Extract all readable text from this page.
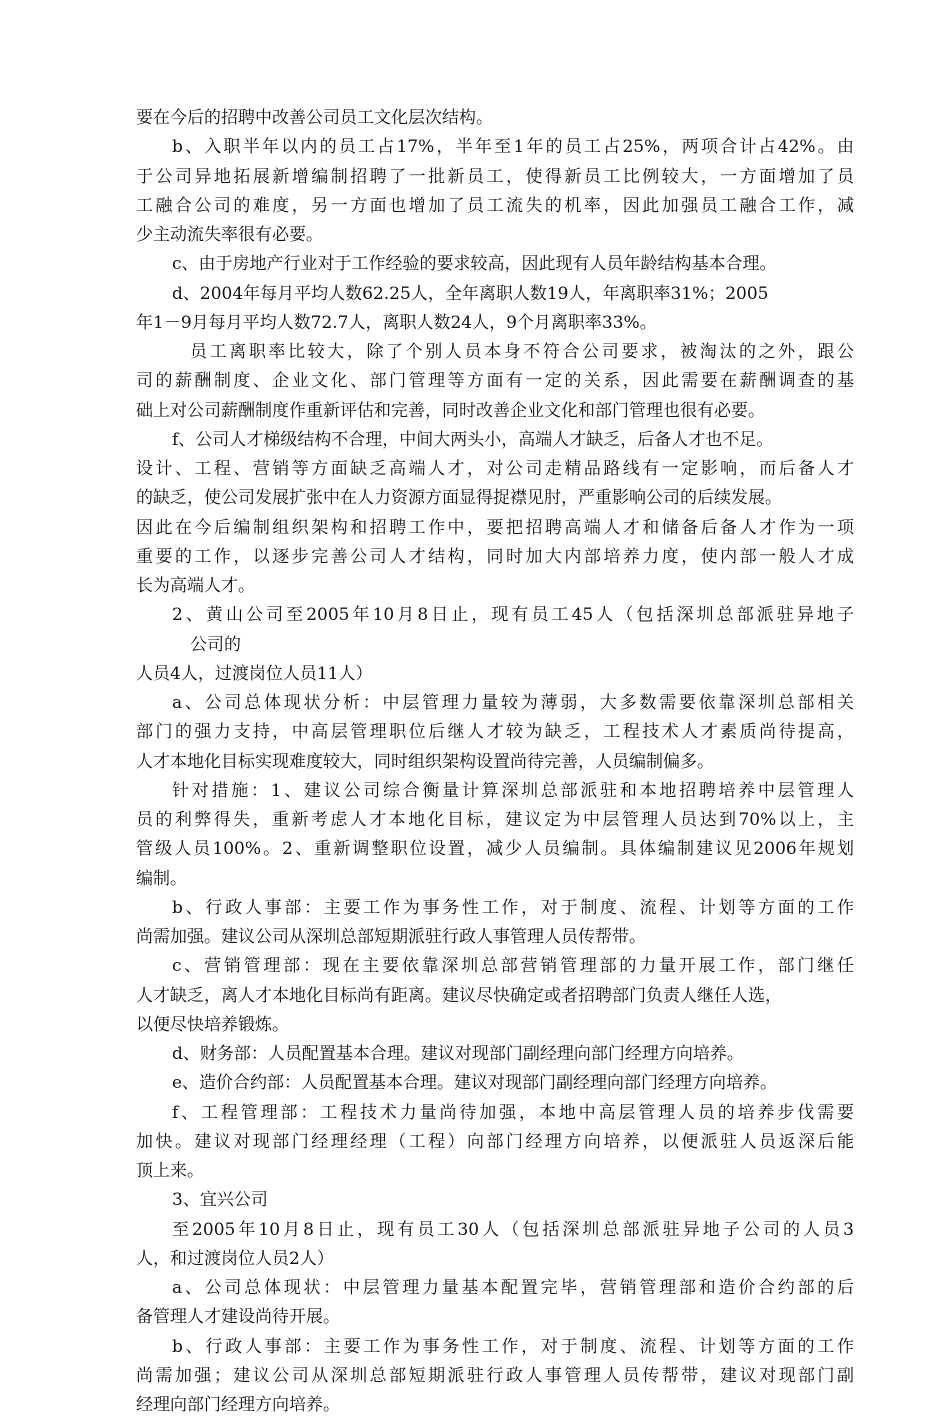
要在今后的招聘中改善公司员工文化层次结构。
b、入职半年以内的员工占17%，半年至1年的员工占25%，两项合计占42%。由
于公司异地拓展新增编制招聘了一批新员工，使得新员工比例较大，一方面增加了员
工融合公司的难度，另一方面也增加了员工流失的机率，因此加强员工融合工作，减
少主动流失率很有必要。
c、由于房地产行业对于工作经验的要求较高，因此现有人员年龄结构基本合理。
d、2004年每月平均人数62.25人，全年离职人数19人，年离职率31%；2005
年1－9月每月平均人数72.7人，离职人数24人，9个月离职率33%。
员工离职率比较大，除了个别人员本身不符合公司要求，被淘汰的之外，跟公
司的薪酬制度、企业文化、部门管理等方面有一定的关系，因此需要在薪酬调查的基
础上对公司薪酬制度作重新评估和完善，同时改善企业文化和部门管理也很有必要。
f、公司人才梯级结构不合理，中间大两头小，高端人才缺乏，后备人才也不足。
设计、工程、营销等方面缺乏高端人才，对公司走精品路线有一定影响，而后备人才
的缺乏，使公司发展扩张中在人力资源方面显得捉襟见肘，严重影响公司的后续发展。
因此在今后编制组织架构和招聘工作中，要把招聘高端人才和储备后备人才作为一项
重要的工作，以逐步完善公司人才结构，同时加大内部培养力度，使内部一般人才成
长为高端人才。
2、黄山公司至2005年10月8日止，现有员工45人（包括深圳总部派驻异地子
公司的
人员4人，过渡岗位人员11人）
a、公司总体现状分析：中层管理力量较为薄弱，大多数需要依靠深圳总部相关
部门的强力支持，中高层管理职位后继人才较为缺乏，工程技术人才素质尚待提高，
人才本地化目标实现难度较大，同时组织架构设置尚待完善，人员编制偏多。
针对措施：1、建议公司综合衡量计算深圳总部派驻和本地招聘培养中层管理人
员的利弊得失，重新考虑人才本地化目标，建议定为中层管理人员达到70%以上，主
管级人员100%。2、重新调整职位设置，减少人员编制。具体编制建议见2006年规划
编制。
b、行政人事部：主要工作为事务性工作，对于制度、流程、计划等方面的工作
尚需加强。建议公司从深圳总部短期派驻行政人事管理人员传帮带。
c、营销管理部：现在主要依靠深圳总部营销管理部的力量开展工作，部门继任
人才缺乏，离人才本地化目标尚有距离。建议尽快确定或者招聘部门负责人继任人选，
以便尽快培养锻炼。
d、财务部：人员配置基本合理。建议对现部门副经理向部门经理方向培养。
e、造价合约部：人员配置基本合理。建议对现部门副经理向部门经理方向培养。
f、工程管理部：工程技术力量尚待加强，本地中高层管理人员的培养步伐需要
加快。建议对现部门经理经理（工程）向部门经理方向培养，以便派驻人员返深后能
顶上来。
3、宜兴公司
至2005年10月8日止，现有员工30人（包括深圳总部派驻异地子公司的人员3
人，和过渡岗位人员2人）
a、公司总体现状：中层管理力量基本配置完毕，营销管理部和造价合约部的后
备管理人才建设尚待开展。
b、行政人事部：主要工作为事务性工作，对于制度、流程、计划等方面的工作
尚需加强；建议公司从深圳总部短期派驻行政人事管理人员传帮带，建议对现部门副
经理向部门经理方向培养。
